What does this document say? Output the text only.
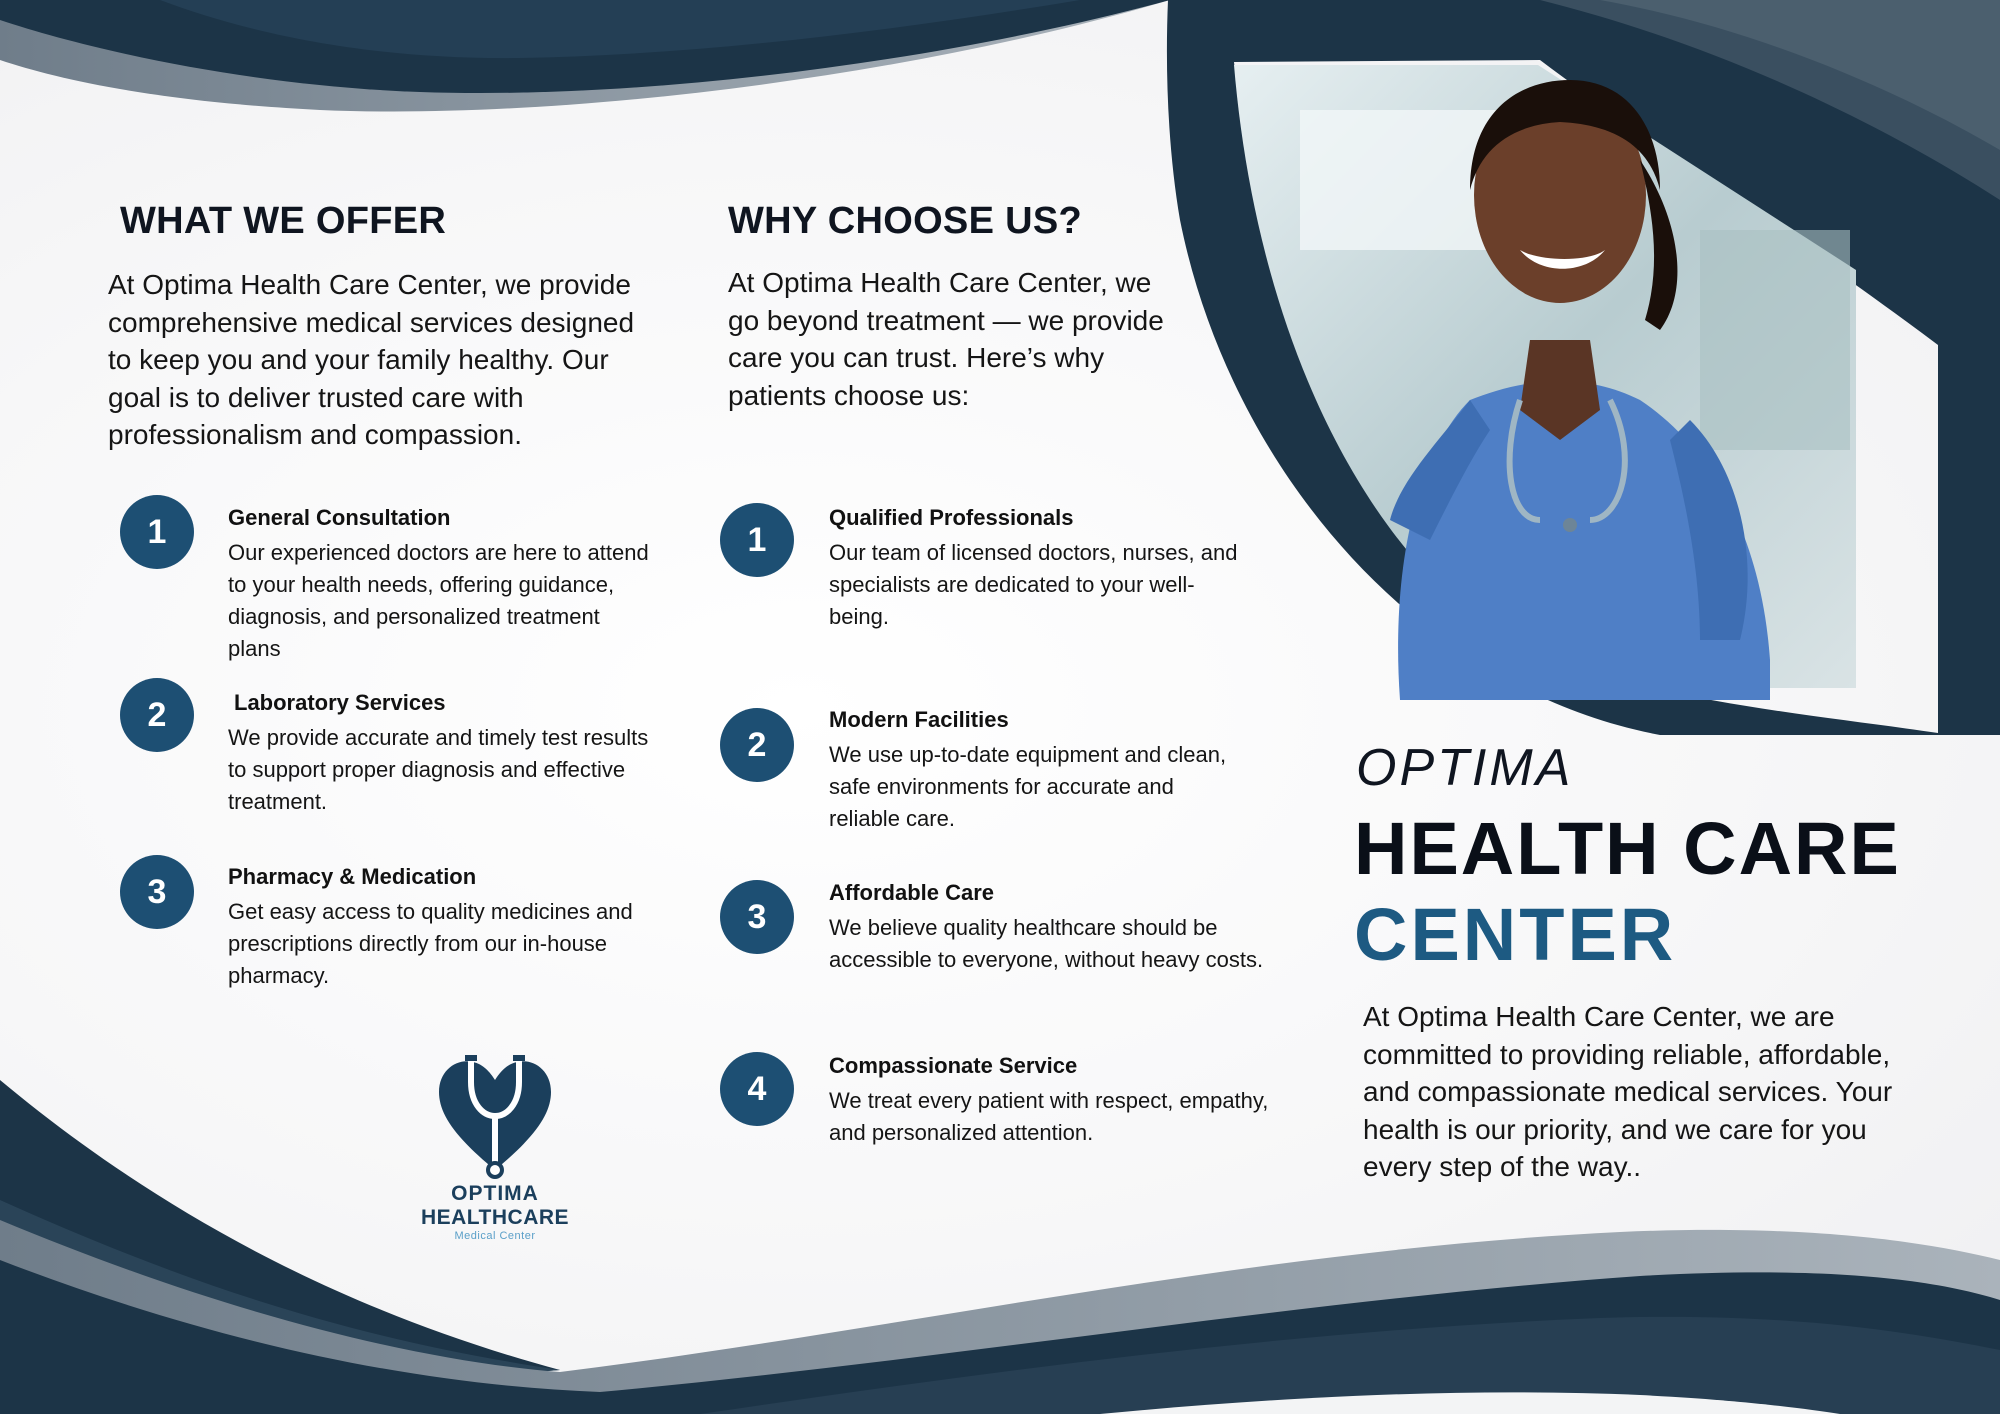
WHAT WE OFFER

At Optima Health Care Center, we provide comprehensive medical services designed to keep you and your family healthy. Our goal is to deliver trusted care with professionalism and compassion.

1	General Consultation

Our experienced doctors are here to attend to your health needs, offering guidance, diagnosis, and personalized treatment plans

2	Laboratory Services

We provide accurate and timely test results to support proper diagnosis and effective treatment.

3	Pharmacy & Medication

Get easy access to quality medicines and prescriptions directly from our in-house pharmacy.

OPTIMA
HEALTHCARE
Medical Center
WHY CHOOSE US?

At Optima Health Care Center, we go beyond treatment — we provide care you can trust. Here’s why patients choose us:

1
Qualified Professionals

Our team of licensed doctors, nurses, and specialists are dedicated to your well-being.

2
Modern Facilities

We use up-to-date equipment and clean, safe environments for accurate and reliable care.

3
Affordable Care

We believe quality healthcare should be accessible to everyone, without heavy costs.

4
Compassionate Service

We treat every patient with respect, empathy, and personalized attention.

OPTIMA
HEALTH CARE
CENTER

At Optima Health Care Center, we are committed to providing reliable, affordable, and compassionate medical services. Your health is our priority, and we care for you every step of the way..
